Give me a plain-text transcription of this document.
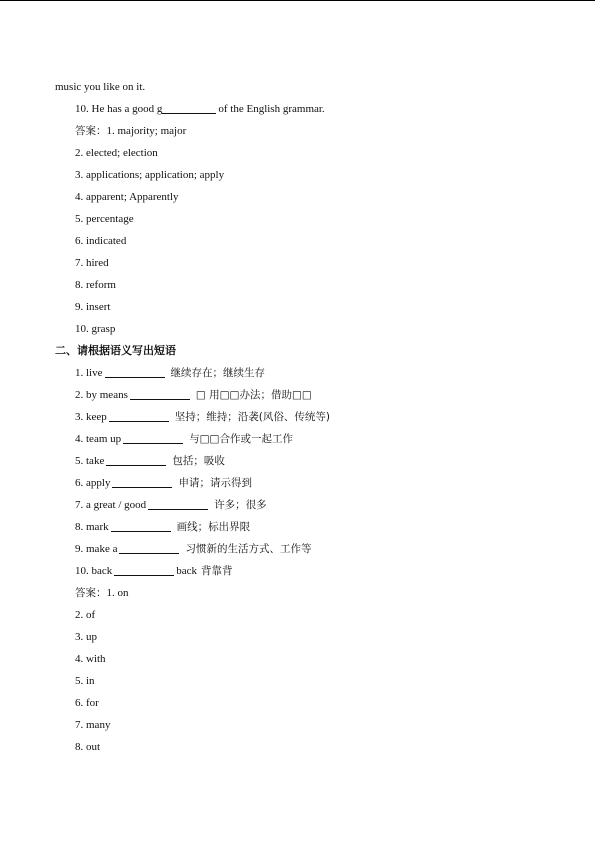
music you like on it.
10. He has a good g	of the English grammar.
答案：1. majority; major
2. elected; election
3. applications; application; apply
4. apparent; Apparently
5. percentage
6. indicated
7. hired
8. reform
9. insert
10. grasp
二、请根据语义写出短语
1. live	继续存在；继续生存
2. by means	□ 用□□办法；借助□□
3. keep	坚持；维持；沿袭(风俗、传统等)
4. team up	与□□合作或一起工作
5. take	包括；吸收
6. apply	申请；请示得到
7. a great / good	许多；很多
8. mark	画线；标出界限
9. make a	习惯新的生活方式、工作等
10. back	back 背靠背
答案：1. on
2. of
3. up
4. with
5. in
6. for
7. many
8. out
